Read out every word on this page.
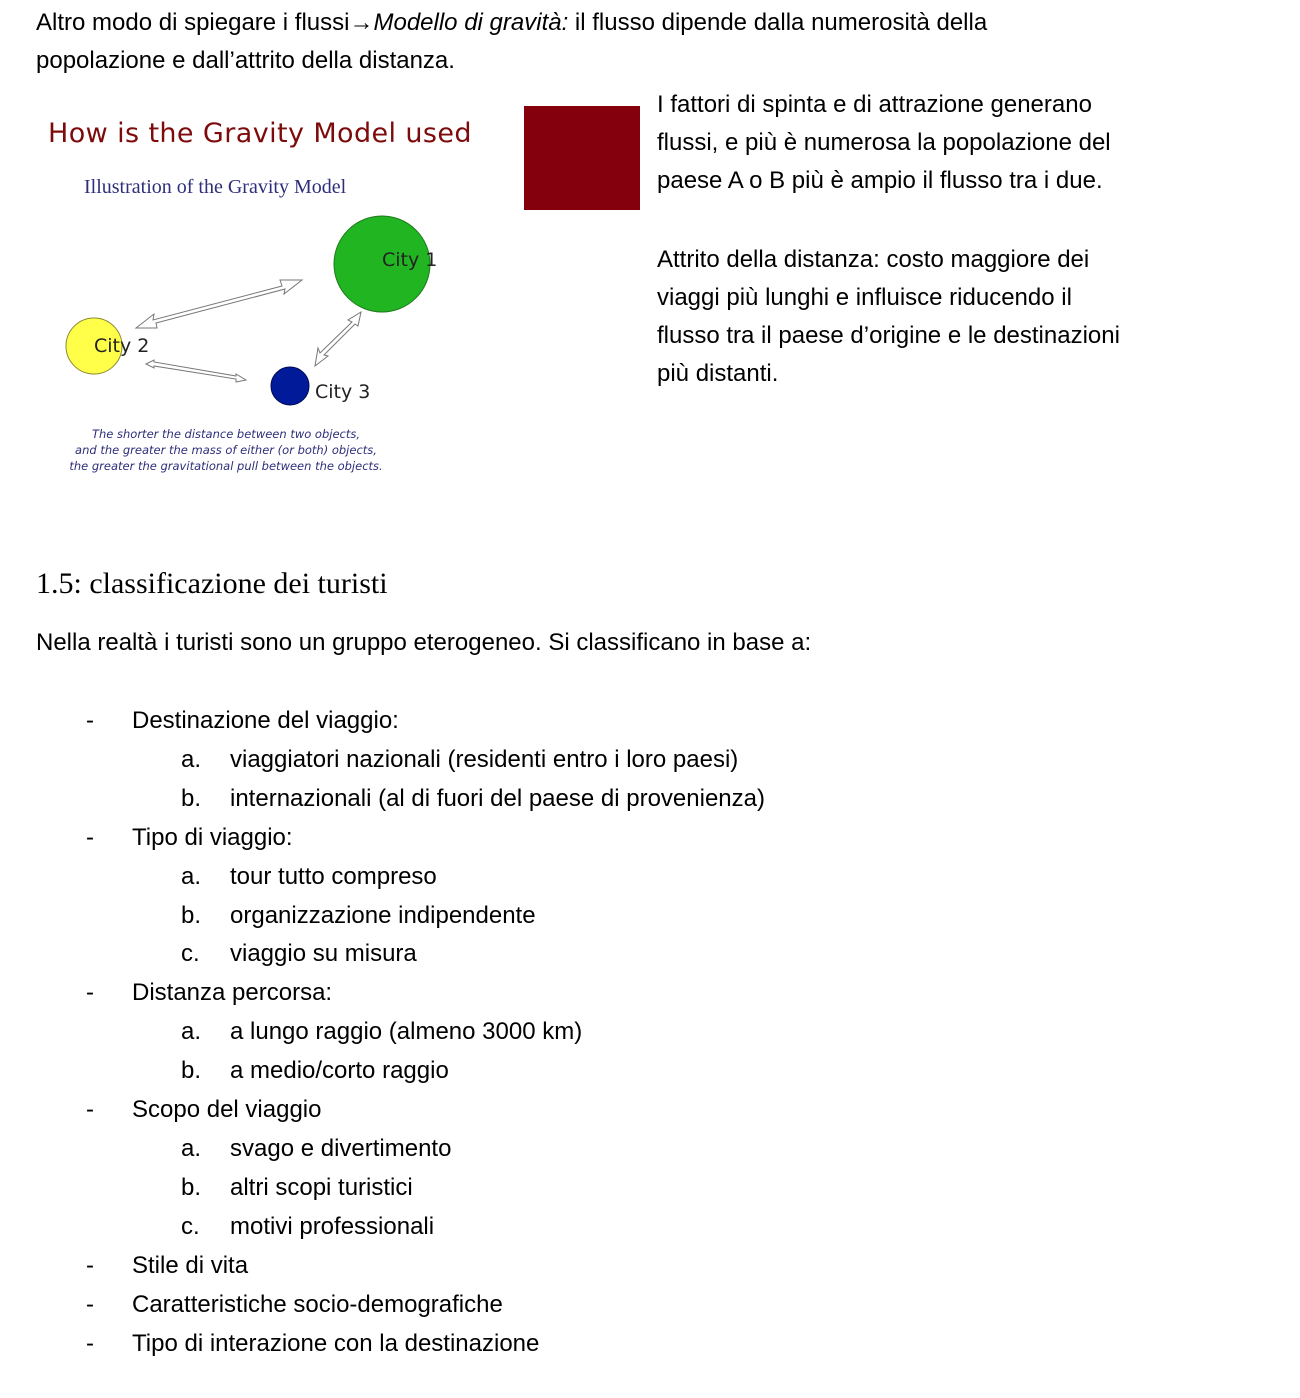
Altro modo di spiegare i flussi→Modello di gravità: il flusso dipende dalla numerosità della
popolazione e dall’attrito della distanza.
How is the Gravity Model used
Illustration of the Gravity Model
City 1
City 2
City 3
The shorter the distance between two objects,
and the greater the mass of either (or both) objects,
the greater the gravitational pull between the objects.
I fattori di spinta e di attrazione generano
flussi, e più è numerosa la popolazione del
paese A o B più è ampio il flusso tra i due.
Attrito della distanza: costo maggiore dei
viaggi più lunghi e influisce riducendo il
flusso tra il paese d’origine e le destinazioni
più distanti.
1.5: classificazione dei turisti
Nella realtà i turisti sono un gruppo eterogeneo. Si classificano in base a:
-	Destinazione del viaggio:
a. viaggiatori nazionali (residenti entro i loro paesi)
b. internazionali (al di fuori del paese di provenienza)
-	Tipo di viaggio:
a. tour tutto compreso
b. organizzazione indipendente
c. viaggio su misura
-	Distanza percorsa:
a. a lungo raggio (almeno 3000 km)
b. a medio/corto raggio
-	Scopo del viaggio
a. svago e divertimento
b. altri scopi turistici
c. motivi professionali
-	Stile di vita
-	Caratteristiche socio-demografiche
-	Tipo di interazione con la destinazione
